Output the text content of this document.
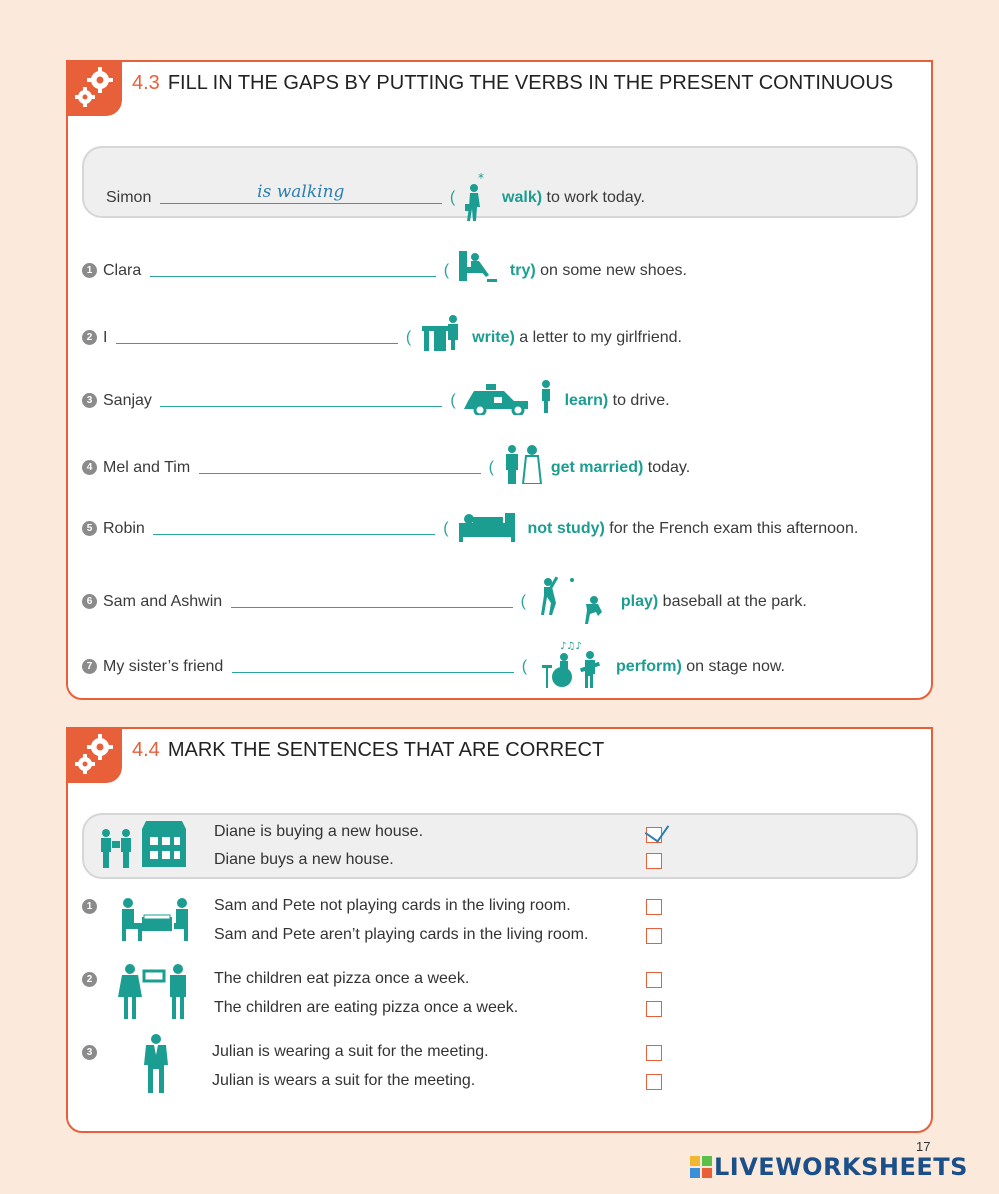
4.3 FILL IN THE GAPS BY PUTTING THE VERBS IN THE PRESENT CONTINUOUS
Simon	is walking	(
*
walk) to work today.
1 Clara	(	try) on some new shoes.
2 I	(	write) a letter to my girlfriend.
3 Sanjay	(	learn) to drive.
4 Mel and Tim	(	get married) today.
5 Robin	(	not study) for the French exam this afternoon.
6 Sam and Ashwin	(	play) baseball at the park.
7 My sister’s friend	(
♪♫♪
perform) on stage now.
4.4 MARK THE SENTENCES THAT ARE CORRECT
Diane is buying a new house.
Diane buys a new house.
1	Sam and Pete not playing cards in the living room.
Sam and Pete aren’t playing cards in the living room.
2	The children eat pizza once a week.
The children are eating pizza once a week.
3	Julian is wearing a suit for the meeting.
Julian is wears a suit for the meeting.
17
LIVEWORKSHEETS
